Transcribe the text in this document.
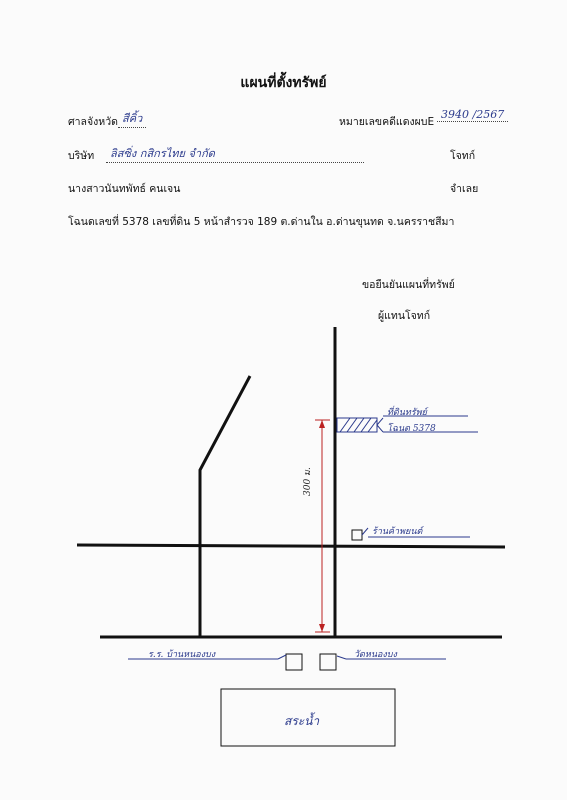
แผนที่ตั้งทรัพย์
ศาลจังหวัด สีคิ้ว	หมายเลขคดีแดงผบE
3940 /2567
บริษัท	ลิสซิ่ง กสิกรไทย จำกัด	โจทก์
นางสาวนันทพัทธ์ คนเจน	จำเลย
โฉนดเลขที่ 5378 เลขที่ดิน 5 หน้าสำรวจ 189 ต.ด่านใน อ.ด่านขุนทด จ.นครราชสีมา
ขอยืนยันแผนที่ทรัพย์
ผู้แทนโจทก์
ที่ดินทรัพย์
โฉนด 5378
300 ม.
ร้านค้าพยนต์
ร.ร. บ้านหนองบง	วัดหนองบง
สระน้ำ
